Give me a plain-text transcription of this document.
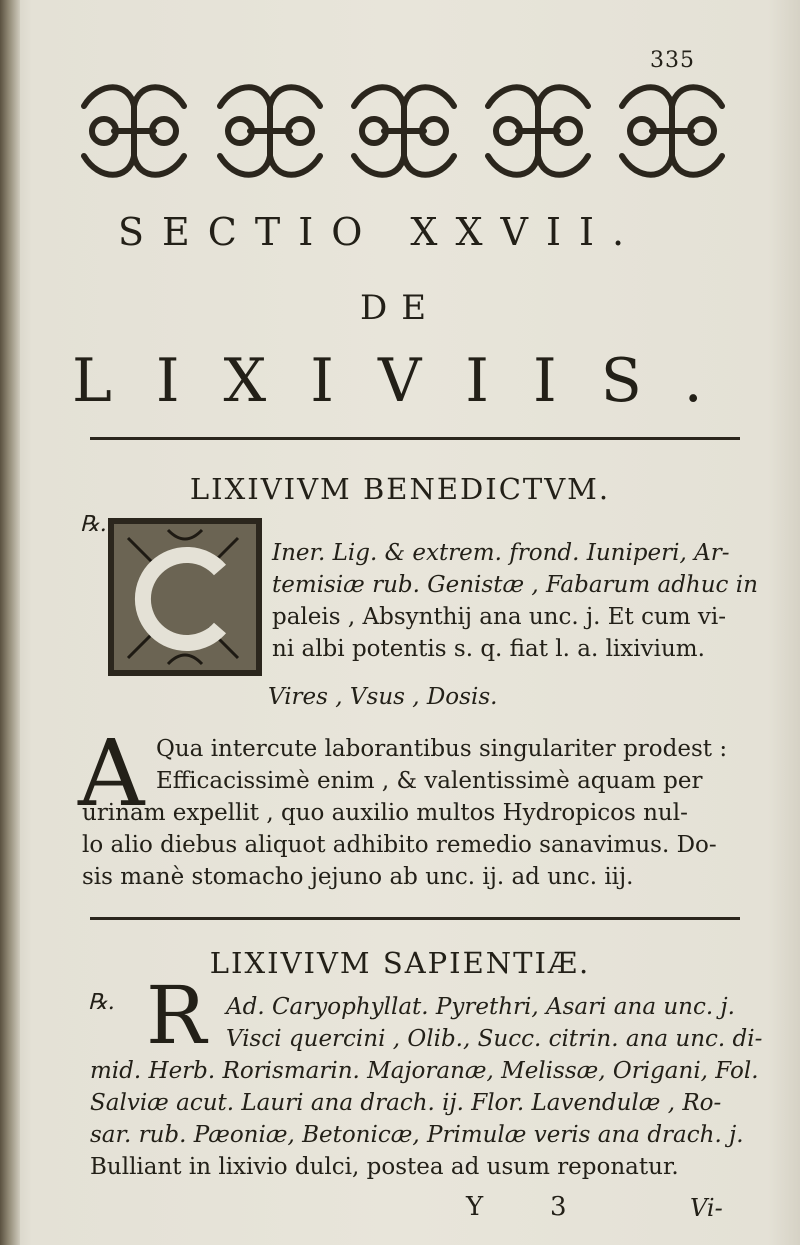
335
SECTIO XXVII.
DE
LIXIVIIS.
LIXIVIVM BENEDICTVM.
℞.
Iner. Lig. & extrem. frond. Iuniperi, Ar-
temisiæ rub. Genistæ , Fabarum adhuc in
paleis , Absynthij ana unc. j. Et cum vi-
ni albi potentis s. q. fiat l. a. lixivium.
Vires , Vsus , Dosis.
A Qua intercute laborantibus singulariter prodest :
Efficacissimè enim , & valentissimè aquam per
urinam expellit , quo auxilio multos Hydropicos nul-
lo alio diebus aliquot adhibito remedio sanavimus. Do-
sis manè stomacho jejuno ab unc. ij. ad unc. iij.
LIXIVIVM SAPIENTIÆ.
℞. R Ad. Caryophyllat. Pyrethri, Asari ana unc. j.
Visci quercini , Olib., Succ. citrin. ana unc. di-
mid. Herb. Rorismarin. Majoranæ, Melissæ, Origani, Fol.
Salviæ acut. Lauri ana drach. ij. Flor. Lavendulæ , Ro-
sar. rub. Pæoniæ, Betonicæ, Primulæ veris ana drach. j.
Bulliant in lixivio dulci, postea ad usum reponatur.
Y	3	Vi-
